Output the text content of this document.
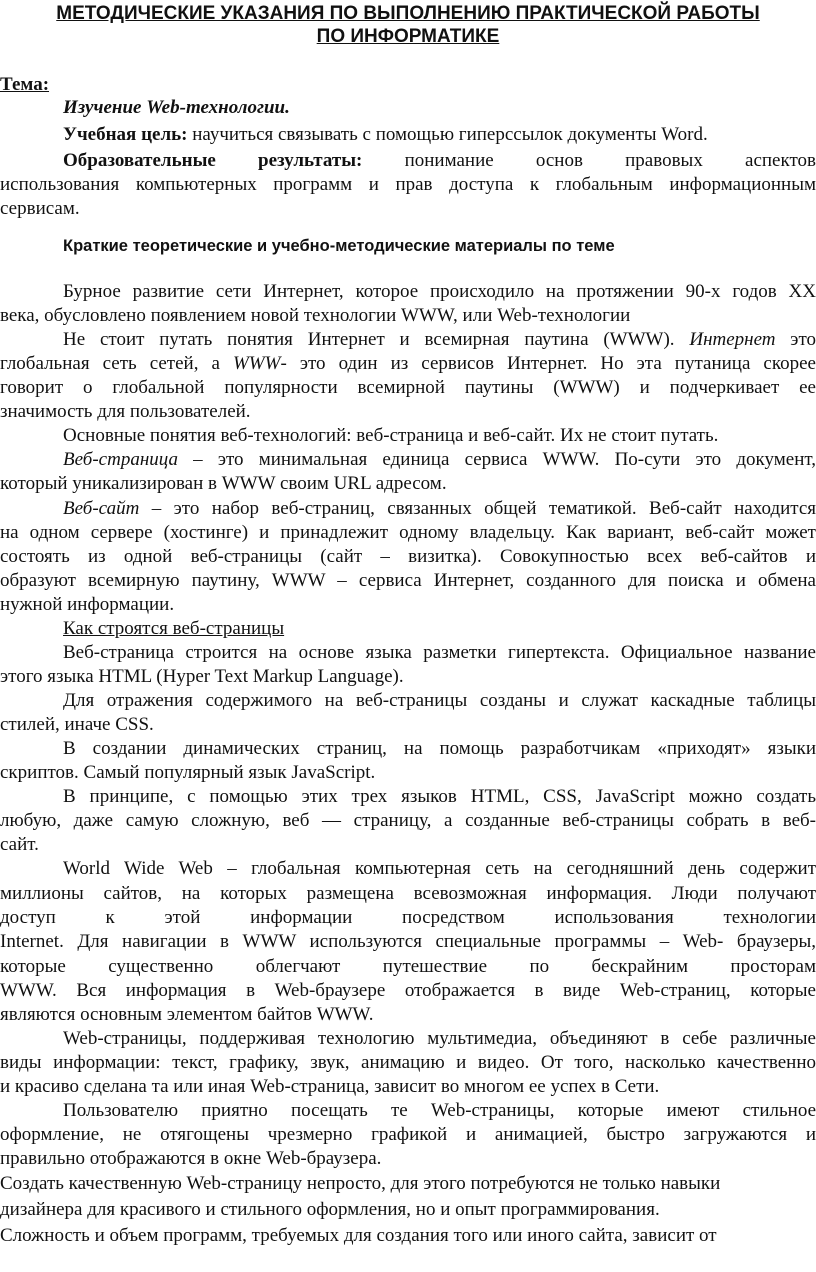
МЕТОДИЧЕСКИЕ УКАЗАНИЯ ПО ВЫПОЛНЕНИЮ ПРАКТИЧЕСКОЙ РАБОТЫ
ПО ИНФОРМАТИКЕ

Тема:

Изучение Web-технологии.

Учебная цель: научиться связывать с помощью гиперссылок документы Word.

Образовательные результаты: понимание основ правовых аспектов

использования компьютерных программ и прав доступа к глобальным информационным

сервисам.

Краткие теоретические и учебно-методические материалы по теме

Бурное развитие сети Интернет, которое происходило на протяжении 90-х годов XX

века, обусловлено появлением новой технологии WWW, или Web-технологии

Не стоит путать понятия Интернет и всемирная паутина (WWW). Интернет это

глобальная сеть сетей, а WWW- это один из сервисов Интернет. Но эта путаница скорее

говорит о глобальной популярности всемирной паутины (WWW) и подчеркивает ее

значимость для пользователей.

Основные понятия веб-технологий: веб-страница и веб-сайт. Их не стоит путать.

Веб-страница – это минимальная единица сервиса WWW. По-сути это документ,

который уникализирован в WWW своим URL адресом.

Веб-сайт – это набор веб-страниц, связанных общей тематикой. Веб-сайт находится

на одном сервере (хостинге) и принадлежит одному владельцу. Как вариант, веб-сайт может

состоять из одной веб-страницы (сайт – визитка). Совокупностью всех веб-сайтов и

образуют всемирную паутину, WWW – сервиса Интернет, созданного для поиска и обмена

нужной информации.

Как строятся веб-страницы

Веб-страница строится на основе языка разметки гипертекста. Официальное название

этого языка HTML (Hyper Text Markup Language).

Для отражения содержимого на веб-страницы созданы и служат каскадные таблицы

стилей, иначе CSS.

В создании динамических страниц, на помощь разработчикам «приходят» языки

скриптов. Самый популярный язык JavaScript.

В принципе, с помощью этих трех языков HTML, CSS, JavaScript можно создать

любую, даже самую сложную, веб — страницу, а созданные веб-страницы собрать в веб-

сайт.

World Wide Web – глобальная компьютерная сеть на сегодняшний день содержит

миллионы сайтов, на которых размещена всевозможная информация. Люди получают

доступ к этой информации посредством использования технологии

Internet. Для навигации в WWW используются специальные программы – Web- браузеры,

которые существенно облегчают путешествие по бескрайним просторам

WWW. Вся информация в Web-браузере отображается в виде Web-страниц, которые

являются основным элементом байтов WWW.

Web-страницы, поддерживая технологию мультимедиа, объединяют в себе различные

виды информации: текст, графику, звук, анимацию и видео. От того, насколько качественно

и красиво сделана та или иная Web-страница, зависит во многом ее успех в Сети.

Пользователю приятно посещать те Web-страницы, которые имеют стильное

оформление, не отягощены чрезмерно графикой и анимацией, быстро загружаются и

правильно отображаются в окне Web-браузера.

Создать качественную Web-страницу непросто, для этого потребуются не только навыки

дизайнера для красивого и стильного оформления, но и опыт программирования.

Сложность и объем программ, требуемых для создания того или иного сайта, зависит от
